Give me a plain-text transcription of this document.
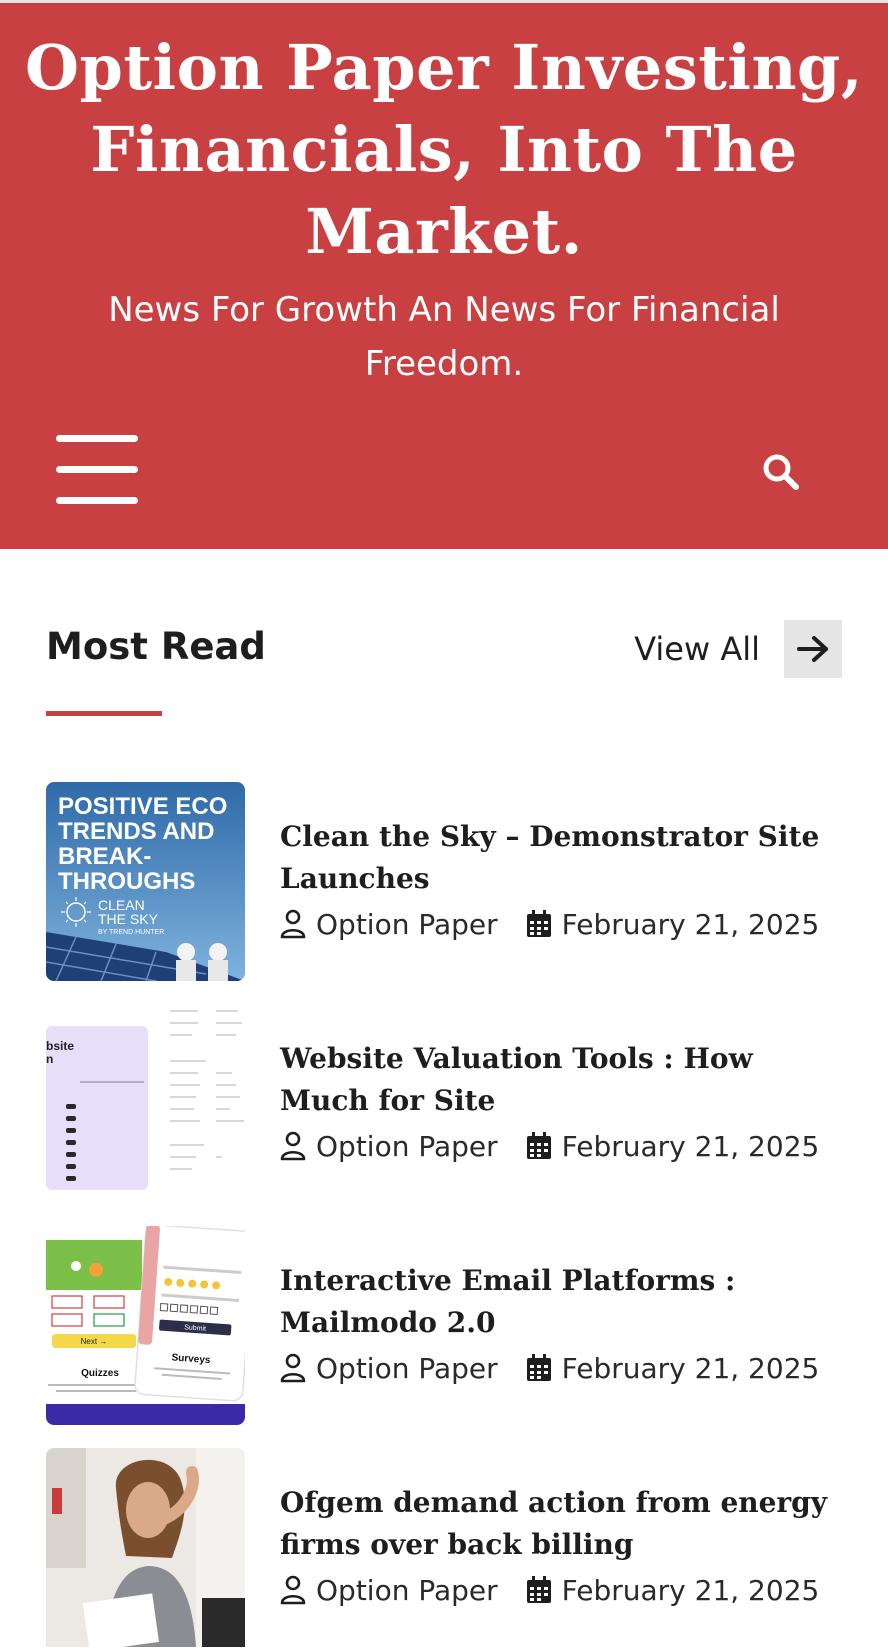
Option Paper Investing, Financials, Into The Market.
News For Growth An News For Financial Freedom.
Most Read	View All
POSITIVE ECO
TRENDS AND
BREAK-
THROUGHS
CLEAN
THE SKY
BY TREND HUNTER
Clean the Sky – Demonstrator Site Launches
Option Paper February 21, 2025
bsite
n	Website Valuation Tools : How Much for Site
Option Paper February 21, 2025
Next →
Quizzes
Submit
Surveys
Interactive Email Platforms : Mailmodo 2.0
Option Paper February 21, 2025
Ofgem demand action from energy firms over back billing
Option Paper February 21, 2025
